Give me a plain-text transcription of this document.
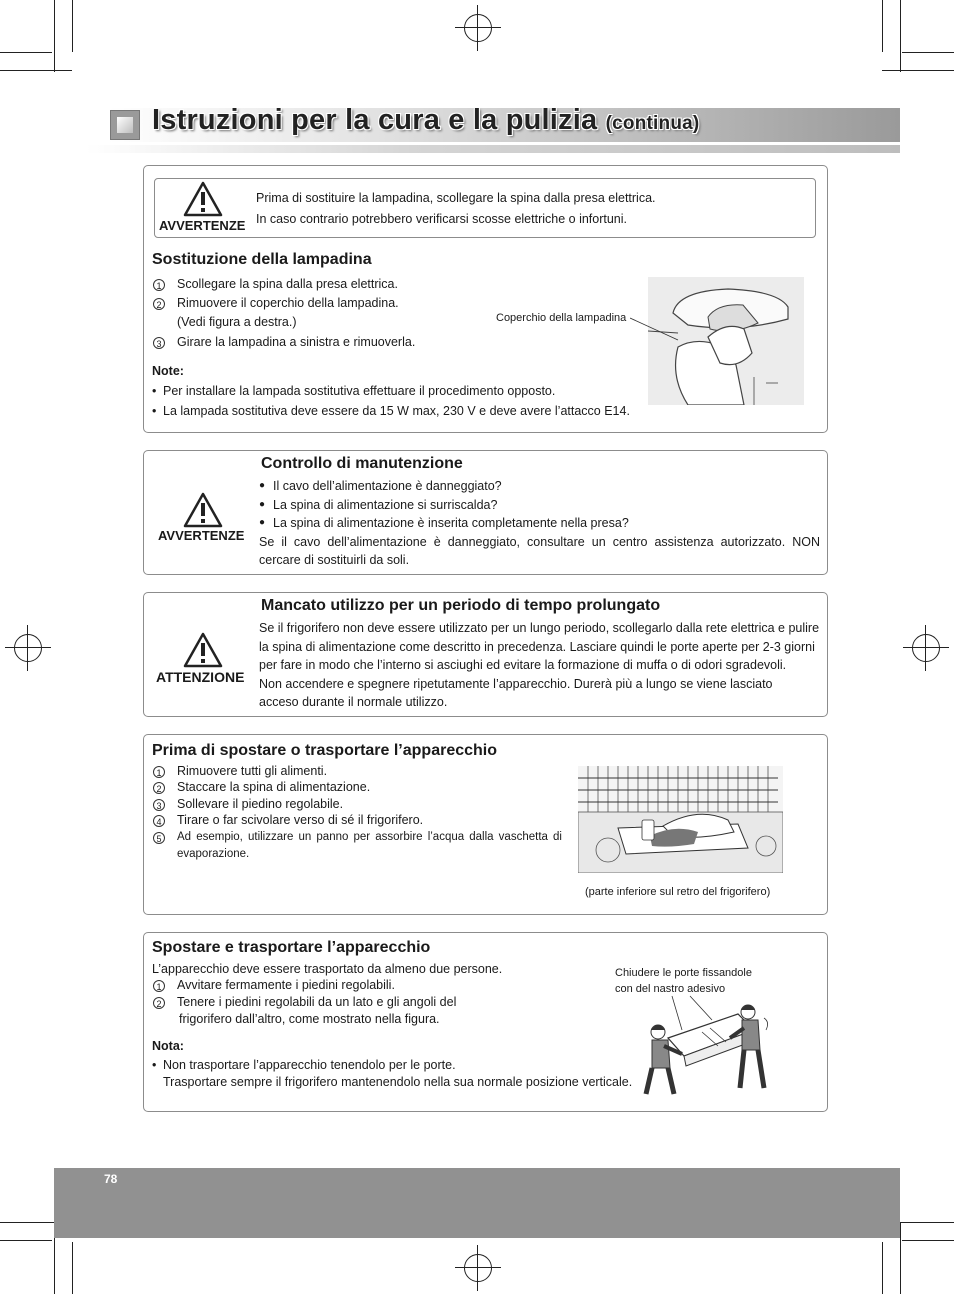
Istruzioni per la cura e la pulizia (continua)
AVVERTENZE
Prima di sostituire la lampadina, scollegare la spina dalla presa elettrica.
In caso contrario potrebbero verificarsi scosse elettriche o infortuni.
Sostituzione della lampadina
1 Scollegare la spina dalla presa elettrica.
2 Rimuovere il coperchio della lampadina.
(Vedi figura a destra.)
3 Girare la lampadina a sinistra e rimuoverla.
Note:
• Per installare la lampada sostitutiva effettuare il procedimento opposto.
• La lampada sostitutiva deve essere da 15 W max, 230 V e deve avere l’attacco E14.
Coperchio della lampadina
AVVERTENZE
Controllo di manutenzione
● Il cavo dell’alimentazione è danneggiato?
● La spina di alimentazione si surriscalda?
● La spina di alimentazione è inserita completamente nella presa?
Se il cavo dell’alimentazione è danneggiato, consultare un centro assistenza autorizzato. NON
cercare di sostituirli da soli.
ATTENZIONE
Mancato utilizzo per un periodo di tempo prolungato
Se il frigorifero non deve essere utilizzato per un lungo periodo, scollegarlo dalla rete elettrica e pulire
la spina di alimentazione come descritto in precedenza. Lasciare quindi le porte aperte per 2-3 giorni
per fare in modo che l’interno si asciughi ed evitare la formazione di muffa o di odori sgradevoli.
Non accendere e spegnere ripetutamente l’apparecchio. Durerà più a lungo se viene lasciato
acceso durante il normale utilizzo.
Prima di spostare o trasportare l’apparecchio
1 Rimuovere tutti gli alimenti.
2 Staccare la spina di alimentazione.
3 Sollevare il piedino regolabile.
4 Tirare o far scivolare verso di sé il frigorifero.
5	Ad esempio, utilizzare un panno per assorbire l’acqua dalla vaschetta di
evaporazione.
(parte inferiore sul retro del frigorifero)
Spostare e trasportare l’apparecchio
L’apparecchio deve essere trasportato da almeno due persone.
1 Avvitare fermamente i piedini regolabili.
2 Tenere i piedini regolabili da un lato e gli angoli del
frigorifero dall’altro, come mostrato nella figura.
Nota:
• Non trasportare l’apparecchio tenendolo per le porte.
Trasportare sempre il frigorifero mantenendolo nella sua normale posizione verticale.
Chiudere le porte fissandole
con del nastro adesivo
78
